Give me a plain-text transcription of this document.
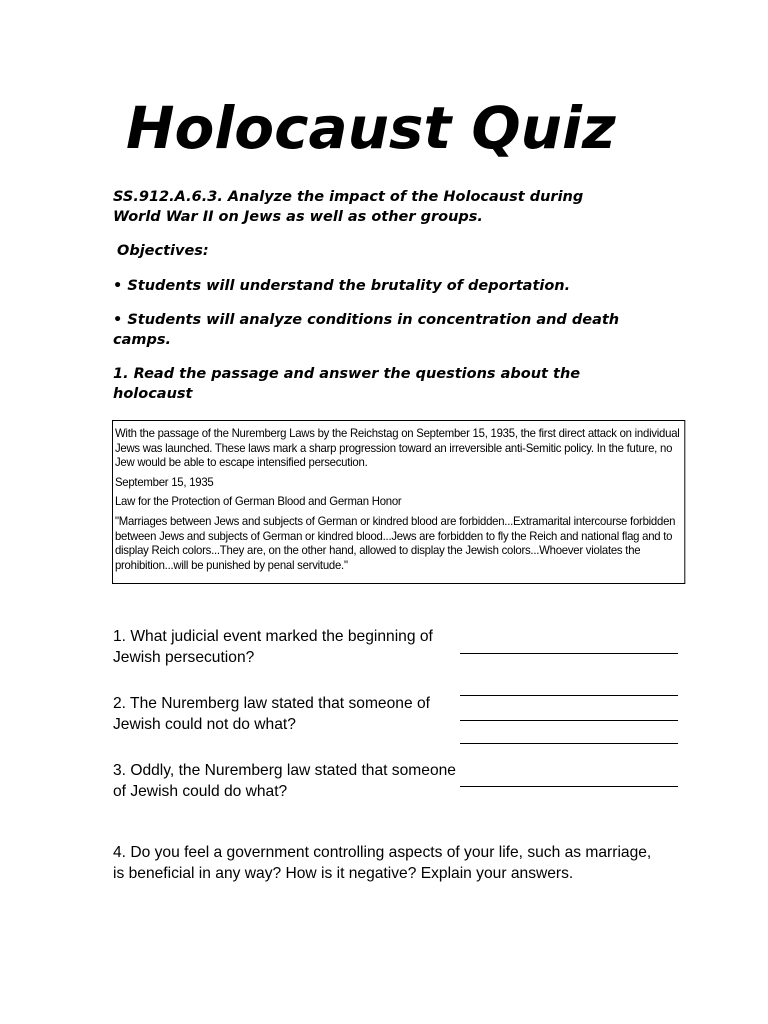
Holocaust Quiz

SS.912.A.6.3. Analyze the impact of the Holocaust during World War II on Jews as well as other groups.

Objectives:

• Students will understand the brutality of deportation.

• Students will analyze conditions in concentration and death camps.

1. Read the passage and answer the questions about the holocaust

With the passage of the Nuremberg Laws by the Reichstag on September 15, 1935, the first direct attack on individual Jews was launched. These laws mark a sharp progression toward an irreversible anti-Semitic policy. In the future, no Jew would be able to escape intensified persecution.

September 15, 1935

Law for the Protection of German Blood and German Honor

"Marriages between Jews and subjects of German or kindred blood are forbidden...Extramarital intercourse forbidden between Jews and subjects of German or kindred blood...Jews are forbidden to fly the Reich and national flag and to display Reich colors...They are, on the other hand, allowed to display the Jewish colors...Whoever violates the prohibition...will be punished by penal servitude."

1. What judicial event marked the beginning of Jewish persecution?

2. The Nuremberg law stated that someone of Jewish could not do what?

3. Oddly, the Nuremberg law stated that someone of Jewish could do what?

4. Do you feel a government controlling aspects of your life, such as marriage, is beneficial in any way? How is it negative? Explain your answers.
